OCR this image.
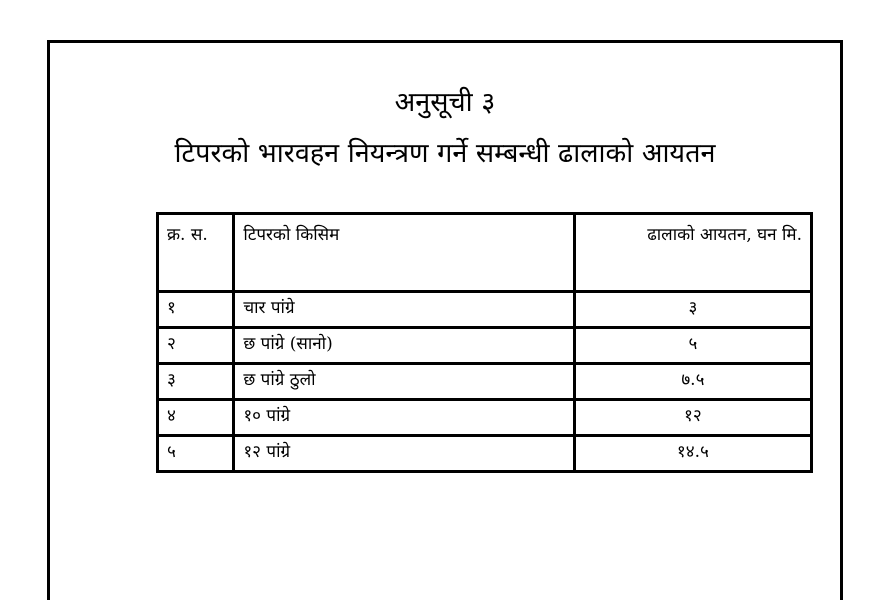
अनुसूची ३
टिपरको भारवहन नियन्त्रण गर्ने सम्बन्धी ढालाको आयतन
क्र. स.	टिपरको किसिम	ढालाको आयतन, घन मि.
१	चार पांग्रे	३
२	छ पांग्रे (सानो)	५
३	छ पांग्रे ठुलो	७.५
४	१० पांग्रे	१२
५	१२ पांग्रे	१४.५
